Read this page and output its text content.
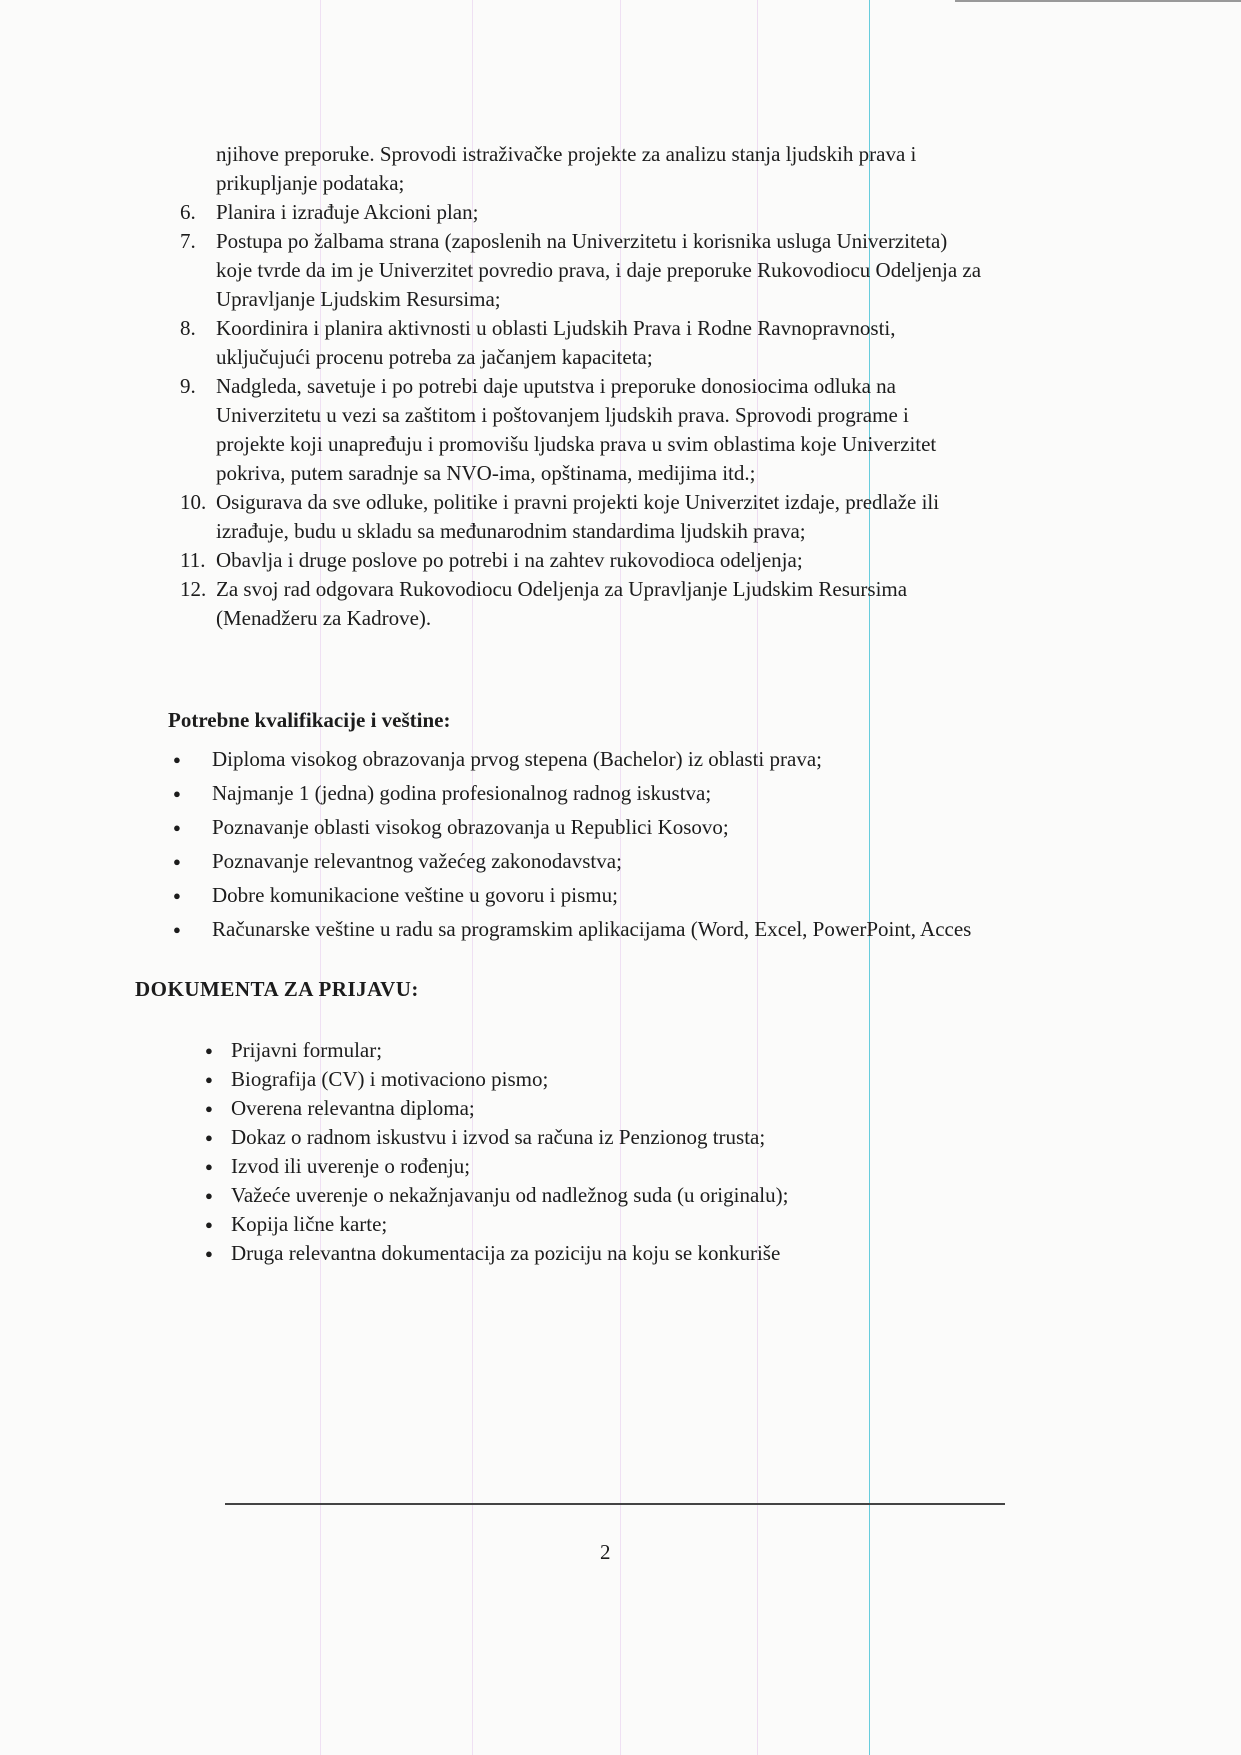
njihove preporuke. Sprovodi istraživačke projekte za analizu stanja ljudskih prava i
prikupljanje podataka;
6. Planira i izrađuje Akcioni plan;
7. Postupa po žalbama strana (zaposlenih na Univerzitetu i korisnika usluga Univerziteta)
koje tvrde da im je Univerzitet povredio prava, i daje preporuke Rukovodiocu Odeljenja za
Upravljanje Ljudskim Resursima;
8. Koordinira i planira aktivnosti u oblasti Ljudskih Prava i Rodne Ravnopravnosti,
uključujući procenu potreba za jačanjem kapaciteta;
9. Nadgleda, savetuje i po potrebi daje uputstva i preporuke donosiocima odluka na
Univerzitetu u vezi sa zaštitom i poštovanjem ljudskih prava. Sprovodi programe i
projekte koji unapređuju i promovišu ljudska prava u svim oblastima koje Univerzitet
pokriva, putem saradnje sa NVO-ima, opštinama, medijima itd.;
10. Osigurava da sve odluke, politike i pravni projekti koje Univerzitet izdaje, predlaže ili
izrađuje, budu u skladu sa međunarodnim standardima ljudskih prava;
11. Obavlja i druge poslove po potrebi i na zahtev rukovodioca odeljenja;
12. Za svoj rad odgovara Rukovodiocu Odeljenja za Upravljanje Ljudskim Resursima
(Menadžeru za Kadrove).
Potrebne kvalifikacije i veštine:
● Diploma visokog obrazovanja prvog stepena (Bachelor) iz oblasti prava;
● Najmanje 1 (jedna) godina profesionalnog radnog iskustva;
● Poznavanje oblasti visokog obrazovanja u Republici Kosovo;
● Poznavanje relevantnog važećeg zakonodavstva;
● Dobre komunikacione veštine u govoru i pismu;
● Računarske veštine u radu sa programskim aplikacijama (Word, Excel, PowerPoint, Acces
DOKUMENTA ZA PRIJAVU:
● Prijavni formular;
● Biografija (CV) i motivaciono pismo;
● Overena relevantna diploma;
● Dokaz o radnom iskustvu i izvod sa računa iz Penzionog trusta;
● Izvod ili uverenje o rođenju;
● Važeće uverenje o nekažnjavanju od nadležnog suda (u originalu);
● Kopija lične karte;
● Druga relevantna dokumentacija za poziciju na koju se konkuriše
2
